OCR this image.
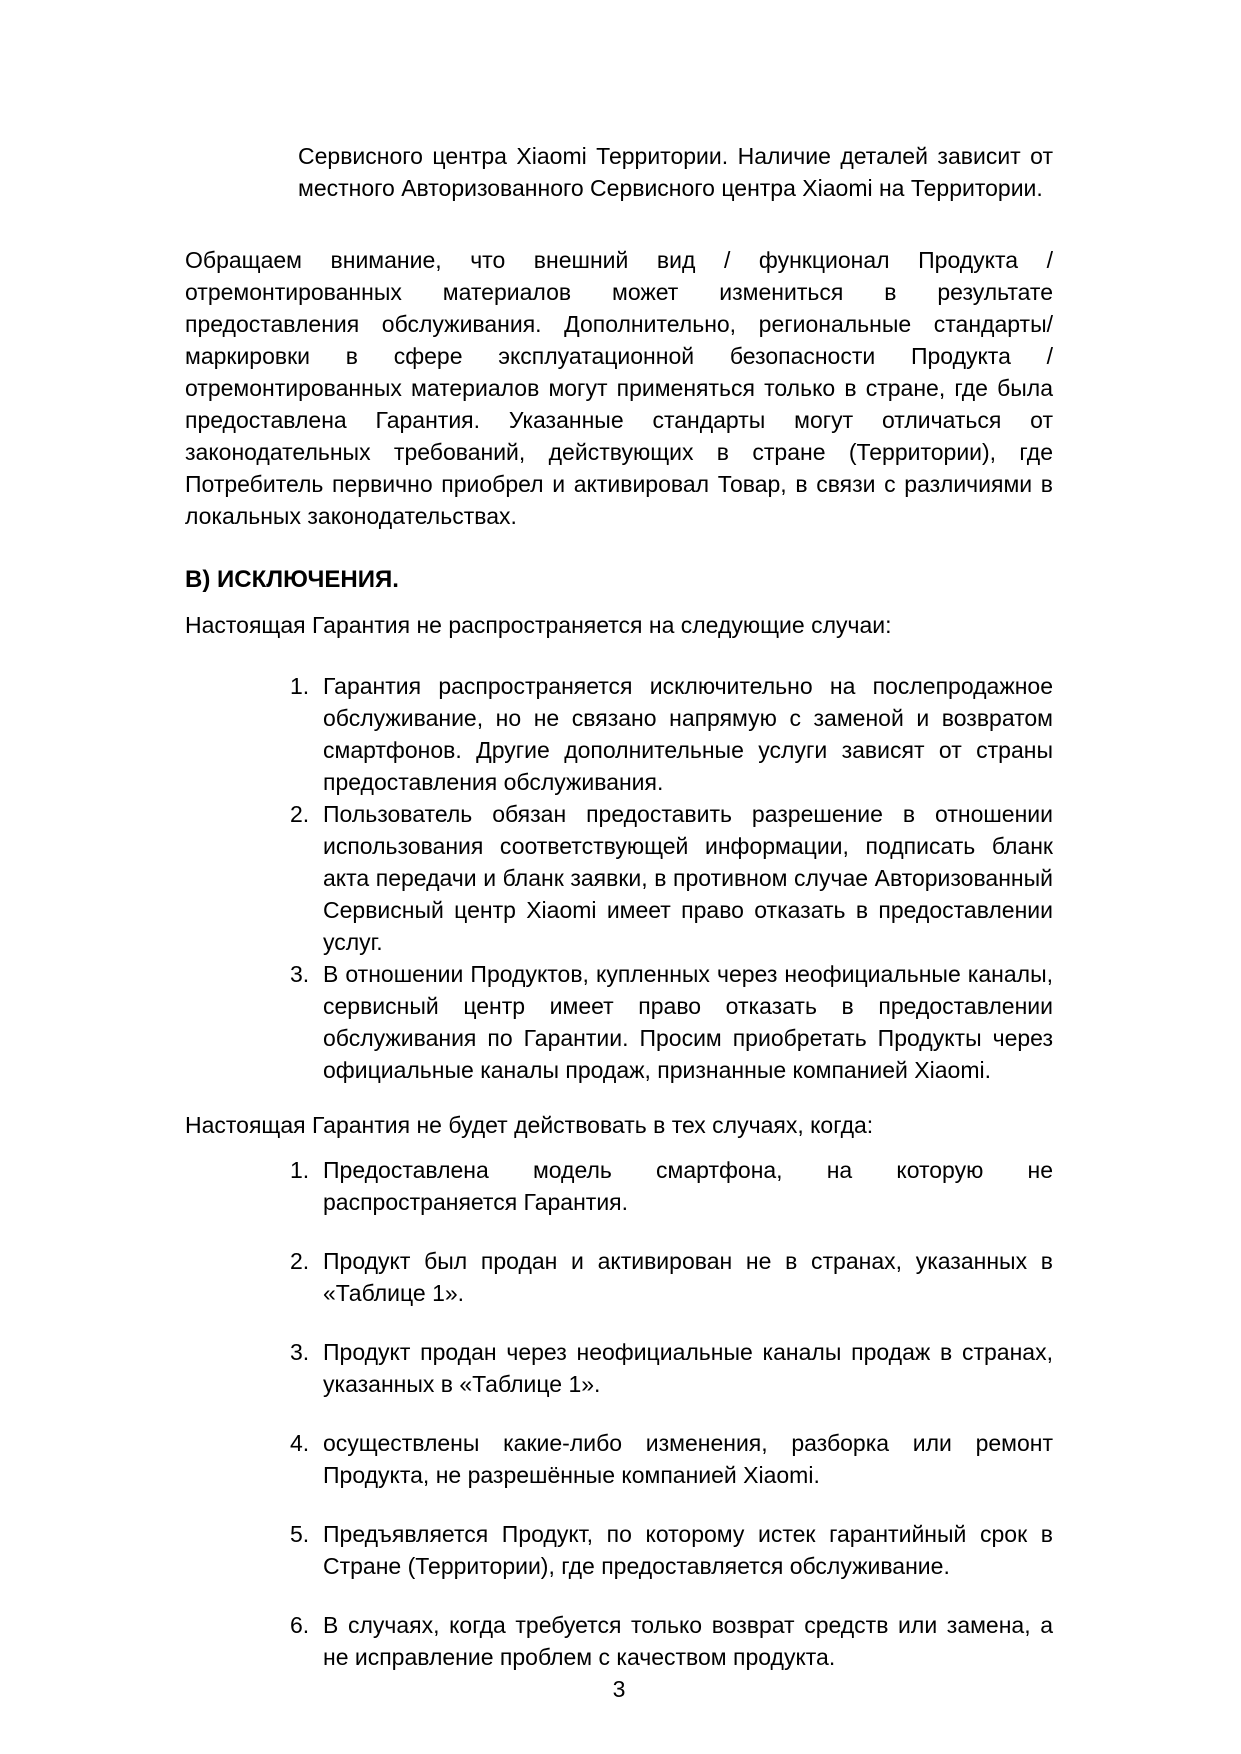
Сервисного центра Xiaomi Территории. Наличие деталей зависит от местного Авторизованного Сервисного центра Xiaomi на Территории.

Обращаем внимание, что внешний вид / функционал Продукта / отремонтированных материалов может измениться в результате предоставления обслуживания. Дополнительно, региональные стандарты/маркировки в сфере эксплуатационной безопасности Продукта / отремонтированных материалов могут применяться только в стране, где была предоставлена Гарантия. Указанные стандарты могут отличаться от законодательных требований, действующих в стране (Территории), где Потребитель первично приобрел и активировал Товар, в связи с различиями в локальных законодательствах.

В) ИСКЛЮЧЕНИЯ.

Настоящая Гарантия не распространяется на следующие случаи:

1. Гарантия распространяется исключительно на послепродажное обслуживание, но не связано напрямую с заменой и возвратом смартфонов. Другие дополнительные услуги зависят от страны предоставления обслуживания.
2. Пользователь обязан предоставить разрешение в отношении использования соответствующей информации, подписать бланк акта передачи и бланк заявки, в противном случае Авторизованный Сервисный центр Xiaomi имеет право отказать в предоставлении услуг.
3. В отношении Продуктов, купленных через неофициальные каналы, сервисный центр имеет право отказать в предоставлении обслуживания по Гарантии. Просим приобретать Продукты через официальные каналы продаж, признанные компанией Xiaomi.

Настоящая Гарантия не будет действовать в тех случаях, когда:

1. Предоставлена модель смартфона, на которую не распространяется Гарантия.
2. Продукт был продан и активирован не в странах, указанных в «Таблице 1».
3. Продукт продан через неофициальные каналы продаж в странах, указанных в «Таблице 1».
4. осуществлены какие-либо изменения, разборка или ремонт Продукта, не разрешённые компанией Xiaomi.
5. Предъявляется Продукт, по которому истек гарантийный срок в Стране (Территории), где предоставляется обслуживание.
6. В случаях, когда требуется только возврат средств или замена, а не исправление проблем с качеством продукта.

3
